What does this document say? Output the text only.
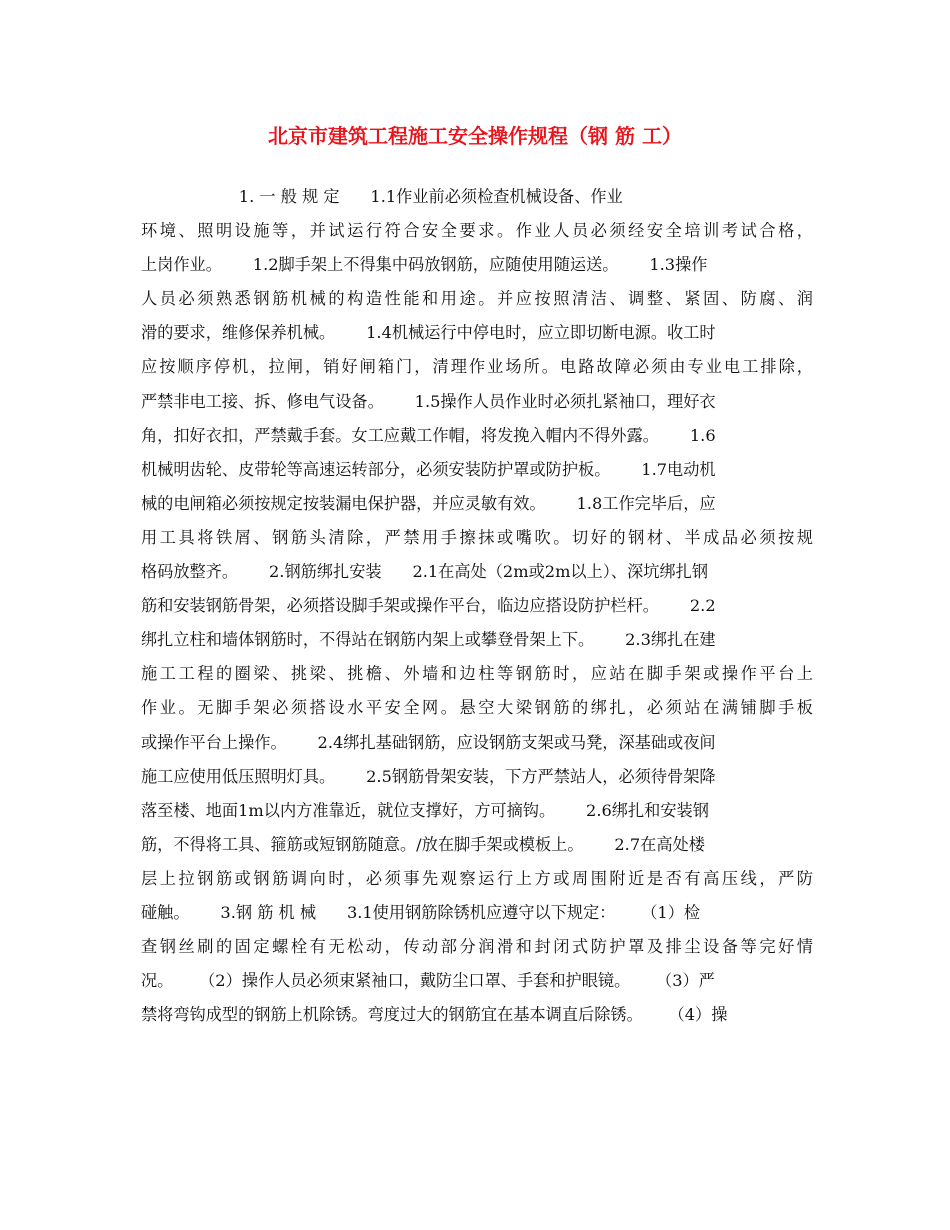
北京市建筑工程施工安全操作规程（钢 筋 工）
1. 一 般 规 定      1.1作业前必须检查机械设备、作业
环境、照明设施等，并试运行符合安全要求。作业人员必须经安全培训考试合格，
上岗作业。      1.2脚手架上不得集中码放钢筋，应随使用随运送。      1.3操作
人员必须熟悉钢筋机械的构造性能和用途。并应按照清洁、调整、紧固、防腐、润
滑的要求，维修保养机械。      1.4机械运行中停电时，应立即切断电源。收工时
应按顺序停机，拉闸，销好闸箱门，清理作业场所。电路故障必须由专业电工排除，
严禁非电工接、拆、修电气设备。      1.5操作人员作业时必须扎紧袖口，理好衣
角，扣好衣扣，严禁戴手套。女工应戴工作帽，将发挽入帽内不得外露。      1.6
机械明齿轮、皮带轮等高速运转部分，必须安装防护罩或防护板。      1.7电动机
械的电闸箱必须按规定按装漏电保护器，并应灵敏有效。      1.8工作完毕后，应
用工具将铁屑、钢筋头清除，严禁用手擦抹或嘴吹。切好的钢材、半成品必须按规
格码放整齐。      2.钢筋绑扎安装      2.1在高处（2m或2m以上）、深坑绑扎钢
筋和安装钢筋骨架，必须搭设脚手架或操作平台，临边应搭设防护栏杆。      2.2
绑扎立柱和墙体钢筋时，不得站在钢筋内架上或攀登骨架上下。      2.3绑扎在建
施工工程的圈梁、挑梁、挑檐、外墙和边柱等钢筋时，应站在脚手架或操作平台上
作业。无脚手架必须搭设水平安全网。悬空大梁钢筋的绑扎，必须站在满铺脚手板
或操作平台上操作。      2.4绑扎基础钢筋，应设钢筋支架或马凳，深基础或夜间
施工应使用低压照明灯具。      2.5钢筋骨架安装，下方严禁站人，必须待骨架降
落至楼、地面1m以内方准靠近，就位支撑好，方可摘钩。      2.6绑扎和安装钢
筋，不得将工具、箍筋或短钢筋随意。/放在脚手架或模板上。      2.7在高处楼
层上拉钢筋或钢筋调向时，必须事先观察运行上方或周围附近是否有高压线，严防
碰触。      3.钢 筋 机 械      3.1使用钢筋除锈机应遵守以下规定：     （1）检
查钢丝刷的固定螺栓有无松动，传动部分润滑和封闭式防护罩及排尘设备等完好情
况。     （2）操作人员必须束紧袖口，戴防尘口罩、手套和护眼镜。     （3）严
禁将弯钩成型的钢筋上机除锈。弯度过大的钢筋宜在基本调直后除锈。     （4）操
